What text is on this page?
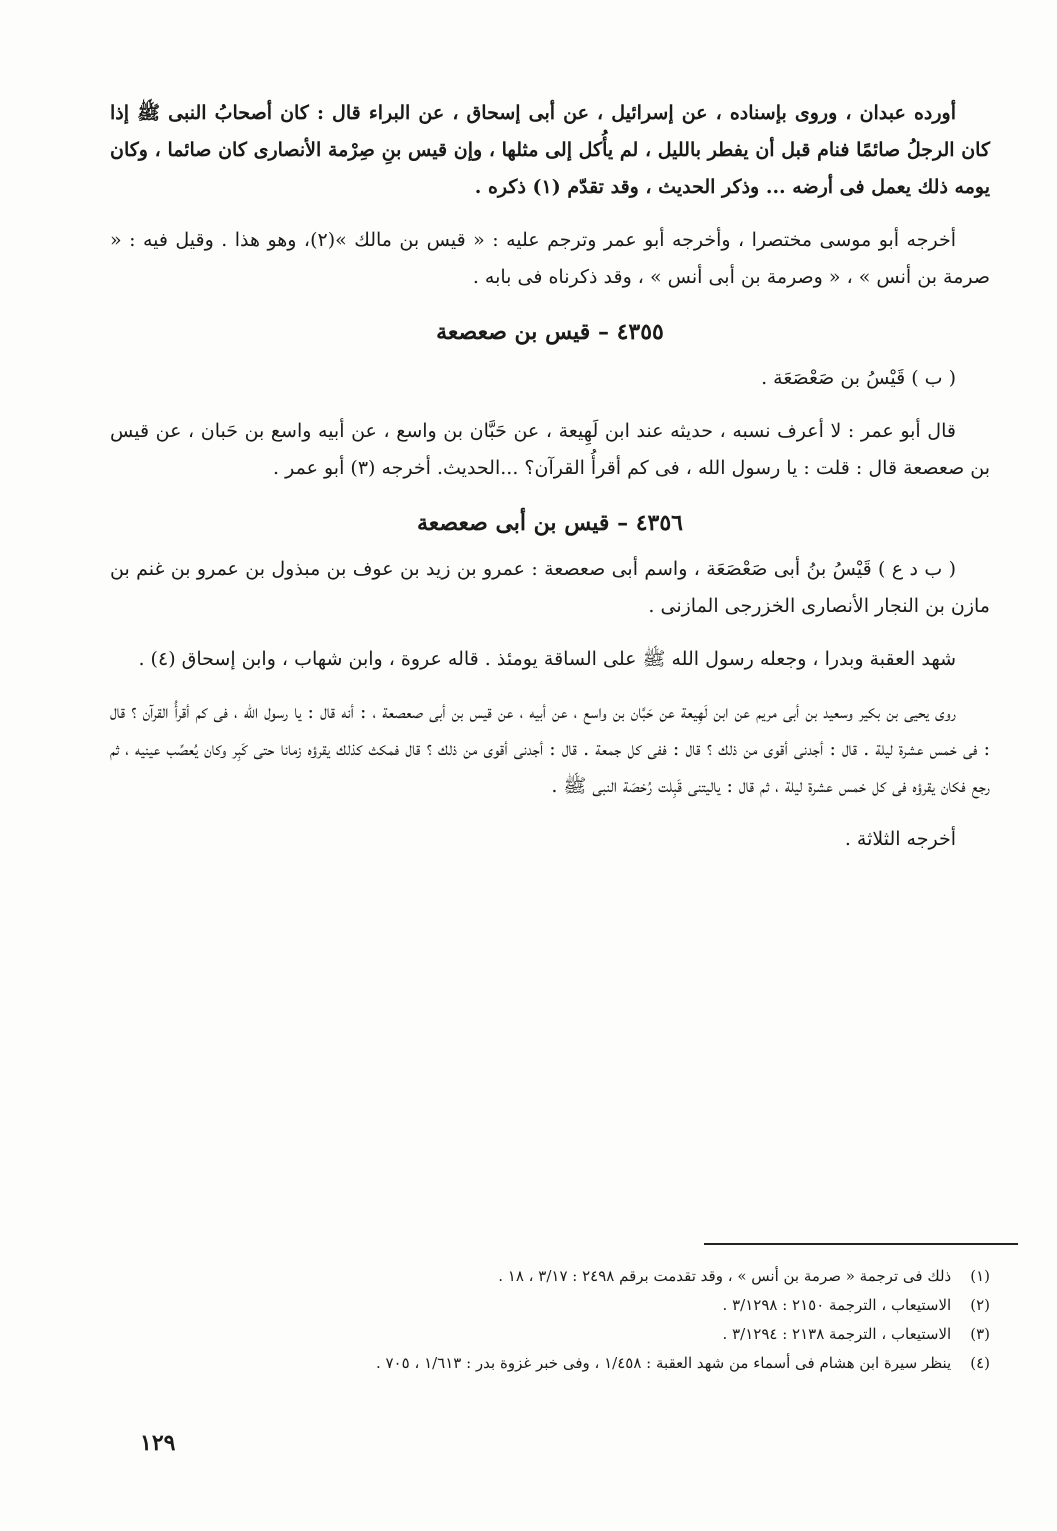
أورده عبدان ، وروى بإسناده ، عن إسرائيل ، عن أبى إسحاق ، عن البراء قال : كان أصحابُ النبى ﷺ إذا كان الرجلُ صائمًا فنام قبل أن يفطر بالليل ، لم يأُكل إلى مثلها ، وإن قيس بنِ صِرْمة الأنصارى كان صائما ، وكان يومه ذلك يعمل فى أرضه ... وذكر الحديث ، وقد تقدّم (١) ذكره .

أخرجه أبو موسى مختصرا ، وأخرجه أبو عمر وترجم عليه : « قيس بن مالك »(٢)، وهو هذا . وقيل فيه : « صرمة بن أنس » ، « وصرمة بن أبى أنس » ، وقد ذكرناه فى بابه .

٤٣٥٥ – قيس بن صعصعة

( ب ) قَيْسُ بن صَعْصَعَة .

قال أبو عمر : لا أعرف نسبه ، حديثه عند ابن لَهِيعة ، عن حَبَّان بن واسع ، عن أبيه واسع بن حَبان ، عن قيس بن صعصعة قال : قلت : يا رسول الله ، فى كم أقرأُ القرآن؟ ...الحديث. أخرجه (٣) أبو عمر .

٤٣٥٦ – قيس بن أبى صعصعة

( ب د ع ) قَيْسُ بنُ أبى صَعْصَعَة ، واسم أبى صعصعة : عمرو بن زيد بن عوف بن مبذول بن عمرو بن غنم بن مازن بن النجار الأنصارى الخزرجى المازنى .

شهد العقبة وبدرا ، وجعله رسول الله ﷺ على الساقة يومئذ . قاله عروة ، وابن شهاب ، وابن إسحاق (٤) .

روى يحيى بن بكير وسعيد بن أبى مريم عن ابن لَهِيعة عن حَبَّان بن واسع ، عن أبيه ، عن قيس بن أبى صعصعة ، : أنه قال : يا رسول الله ، فى كم أقرأُ القرآن ؟ قال : فى خمس عشرة ليلة . قال : أجدنى أقوى من ذلك ؟ قال : ففى كل جمعة . قال : أجدنى أقوى من ذلك ؟ قال فمكث كذلك يقرؤه زمانا حتى كَبِر وكان يُعصِّب عينيه ، ثم رجع فكان يقرؤه فى كل خمس عشرة ليلة ، ثم قال : ياليتنى قَبِلت رُخصَة النبى ﷺ .

أخرجه الثلاثة .

(١) ذلك فى ترجمة « صرمة بن أنس » ، وقد تقدمت برقم ٢٤٩٨ : ٣/١٧ ، ١٨ .

(٢) الاستيعاب ، الترجمة ٢١٥٠ : ٣/١٢٩٨ .

(٣) الاستيعاب ، الترجمة ٢١٣٨ : ٣/١٢٩٤ .

(٤) ينظر سيرة ابن هشام فى أسماء من شهد العقبة : ١/٤٥٨ ، وفى خبر غزوة بدر : ١/٦١٣ ، ٧٠٥ .

١٢٩
